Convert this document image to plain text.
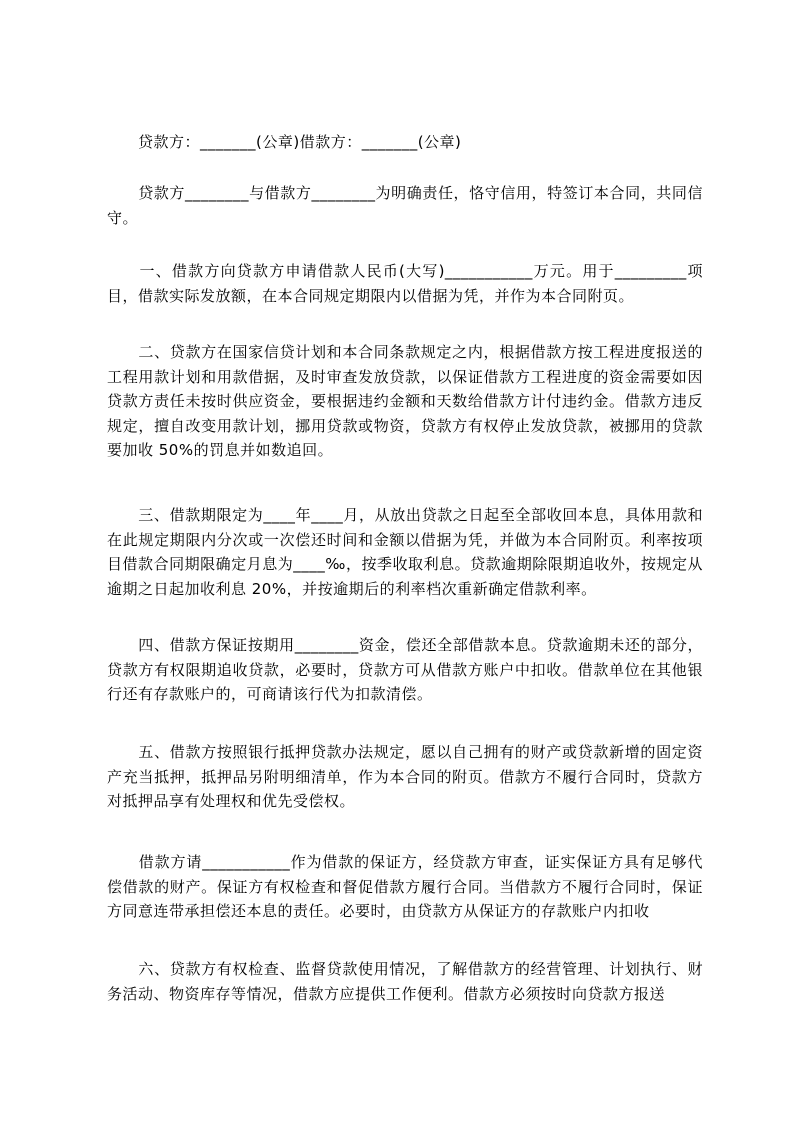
　　贷款方：_______(公章)借款方：_______(公章)
　　贷款方________与借款方________为明确责任，恪守信用，特签订本合同，共同信守。
　　一、借款方向贷款方申请借款人民币(大写)___________万元。用于_________项目，借款实际发放额，在本合同规定期限内以借据为凭，并作为本合同附页。
　　二、贷款方在国家信贷计划和本合同条款规定之内，根据借款方按工程进度报送的工程用款计划和用款借据，及时审查发放贷款，以保证借款方工程进度的资金需要如因贷款方责任未按时供应资金，要根据违约金额和天数给借款方计付违约金。借款方违反规定，擅自改变用款计划，挪用贷款或物资，贷款方有权停止发放贷款，被挪用的贷款要加收 50%的罚息并如数追回。
　　三、借款期限定为____年____月，从放出贷款之日起至全部收回本息，具体用款和在此规定期限内分次或一次偿还时间和金额以借据为凭，并做为本合同附页。利率按项目借款合同期限确定月息为____‰，按季收取利息。贷款逾期除限期追收外，按规定从逾期之日起加收利息 20%，并按逾期后的利率档次重新确定借款利率。
　　四、借款方保证按期用________资金，偿还全部借款本息。贷款逾期未还的部分，贷款方有权限期追收贷款，必要时，贷款方可从借款方账户中扣收。借款单位在其他银行还有存款账户的，可商请该行代为扣款清偿。
　　五、借款方按照银行抵押贷款办法规定，愿以自己拥有的财产或贷款新增的固定资产充当抵押，抵押品另附明细清单，作为本合同的附页。借款方不履行合同时，贷款方对抵押品享有处理权和优先受偿权。
　　借款方请___________作为借款的保证方，经贷款方审查，证实保证方具有足够代偿借款的财产。保证方有权检查和督促借款方履行合同。当借款方不履行合同时，保证方同意连带承担偿还本息的责任。必要时，由贷款方从保证方的存款账户内扣收
　　六、贷款方有权检查、监督贷款使用情况，了解借款方的经营管理、计划执行、财务活动、物资库存等情况，借款方应提供工作便利。借款方必须按时向贷款方报送
